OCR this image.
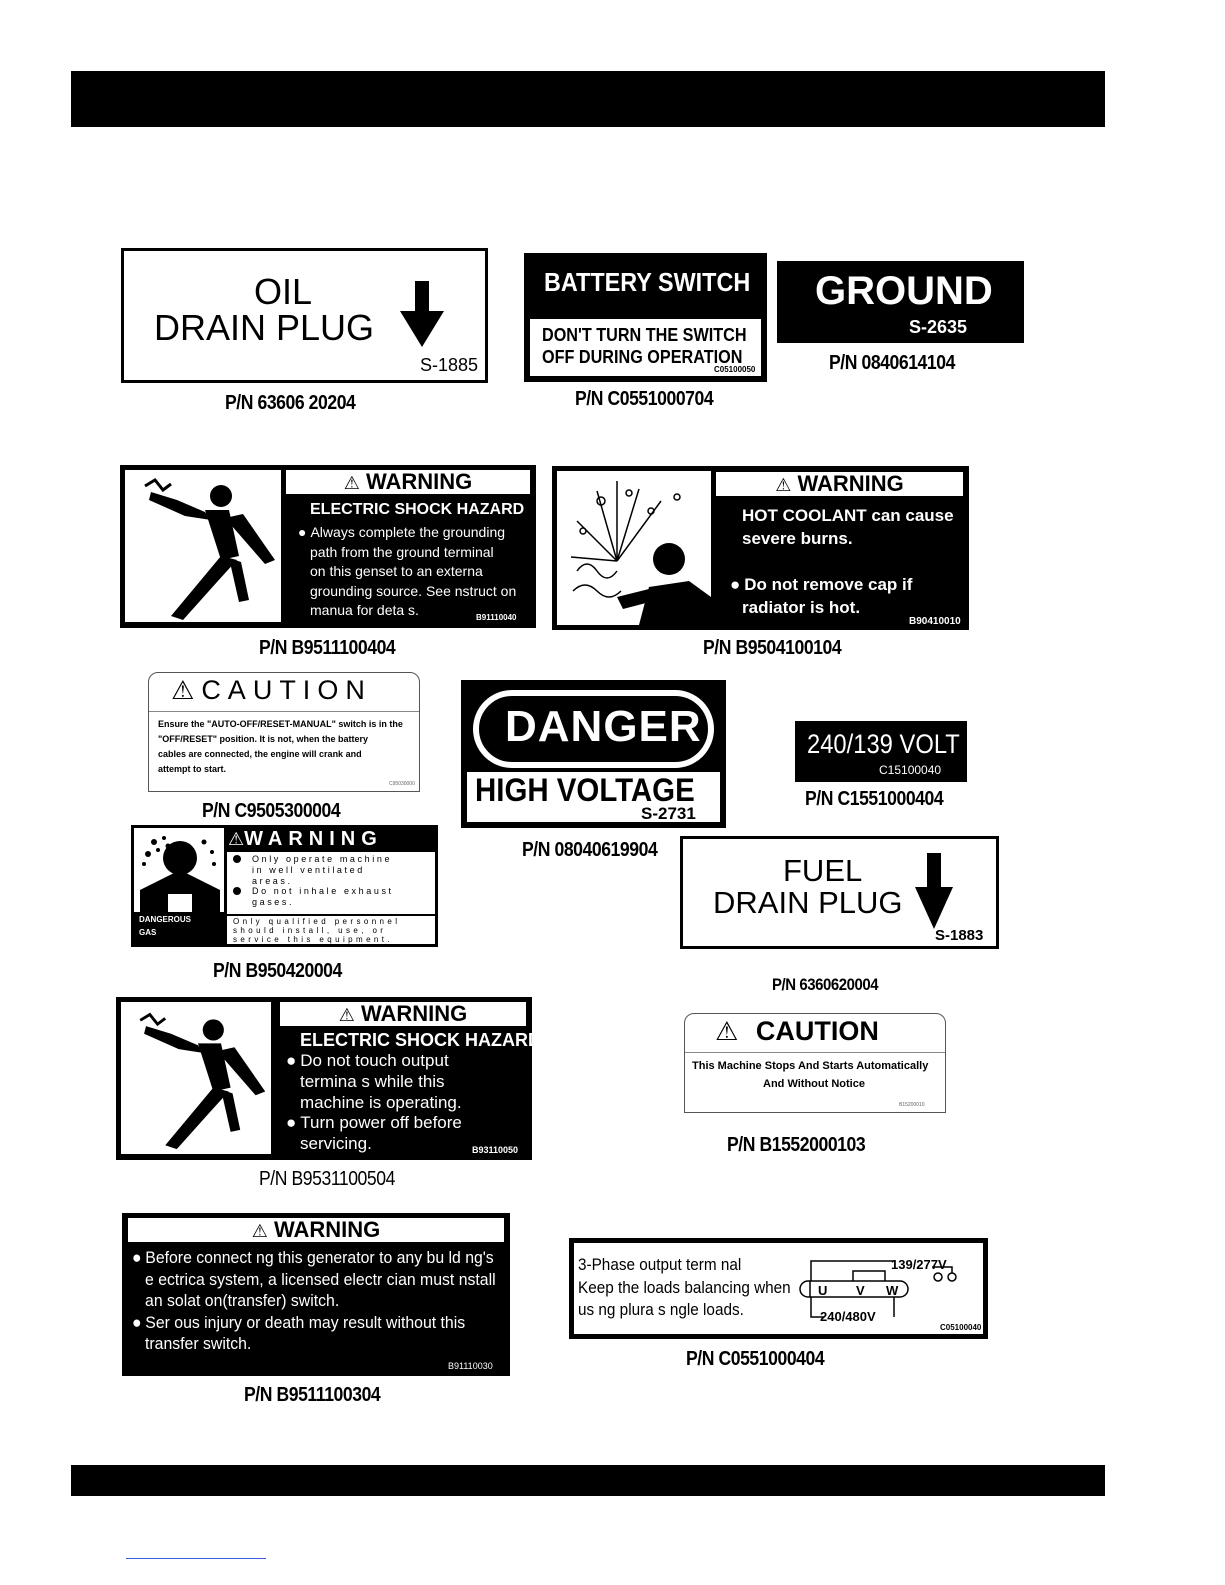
OIL
DRAIN PLUG
S-1885
P/N 63606 20204
BATTERY SWITCH
DON'T TURN THE SWITCH
OFF DURING OPERATION
C05100050
P/N C0551000704
GROUND
S-2635
P/N 0840614104
⚠ WARNING
ELECTRIC SHOCK HAZARD
● Always complete the grounding
path from the ground terminal
on this genset to an externa
grounding source. See nstruct on
manua for deta s.	B91110040
P/N B9511100404
⚠ WARNING
HOT COOLANT can cause
severe burns.
● Do not remove cap if
radiator is hot.
B90410010
P/N B9504100104
⚠CAUTION
Ensure the "AUTO-OFF/RESET-MANUAL" switch is in the
"OFF/RESET" position. It is not, when the battery
cables are connected, the engine will crank and
attempt to start.
C95030000
P/N C9505300004
DANGER
HIGH VOLTAGE
S-2731
P/N 08040619904
240/139 VOLT
C15100040
P/N C1551000404
DANGEROUS
GAS
⚠WARNING
Only operate machine
in well ventilated
areas.
Do not inhale exhaust
gases.
Only qualified personnel
should install, use, or
service this equipment.
P/N B950420004
FUEL
DRAIN PLUG
S-1883
P/N 6360620004
⚠ WARNING
ELECTRIC SHOCK HAZARD
● Do not touch output
termina s while this
machine is operating.
● Turn power off before
servicing.	B93110050
P/N B9531100504
⚠ CAUTION
This Machine Stops And Starts Automatically
And Without Notice
B15200010
P/N B1552000103
⚠ WARNING
● Before connect ng this generator to any bu ld ng's
e ectrica system, a licensed electr cian must nstall
an solat on(transfer) switch.
● Ser ous injury or death may result without this
transfer switch.
B91110030
P/N B9511100304
3-Phase output term nal
Keep the loads balancing when
us ng plura s ngle loads.
139/277V
240/480V
U V W
C05100040
P/N C0551000404
